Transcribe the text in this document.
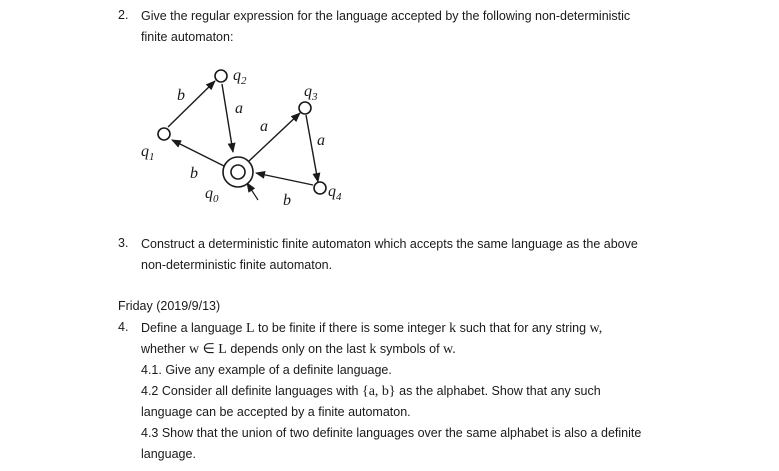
2. Give the regular expression for the language accepted by the following non-deterministic
finite automaton:
$q_2$
$q_3$
$q_1$
$q_0$	$q_4$
b
a
a
a
b
b
3. Construct a deterministic finite automaton which accepts the same language as the above
non-deterministic finite automaton.
Friday (2019/9/13)
4. Define a language L to be finite if there is some integer k such that for any string w,
whether w ∈ L depends only on the last k symbols of w.
4.1. Give any example of a definite language.
4.2 Consider all definite languages with {a, b} as the alphabet. Show that any such
language can be accepted by a finite automaton.
4.3 Show that the union of two definite languages over the same alphabet is also a definite
language.
